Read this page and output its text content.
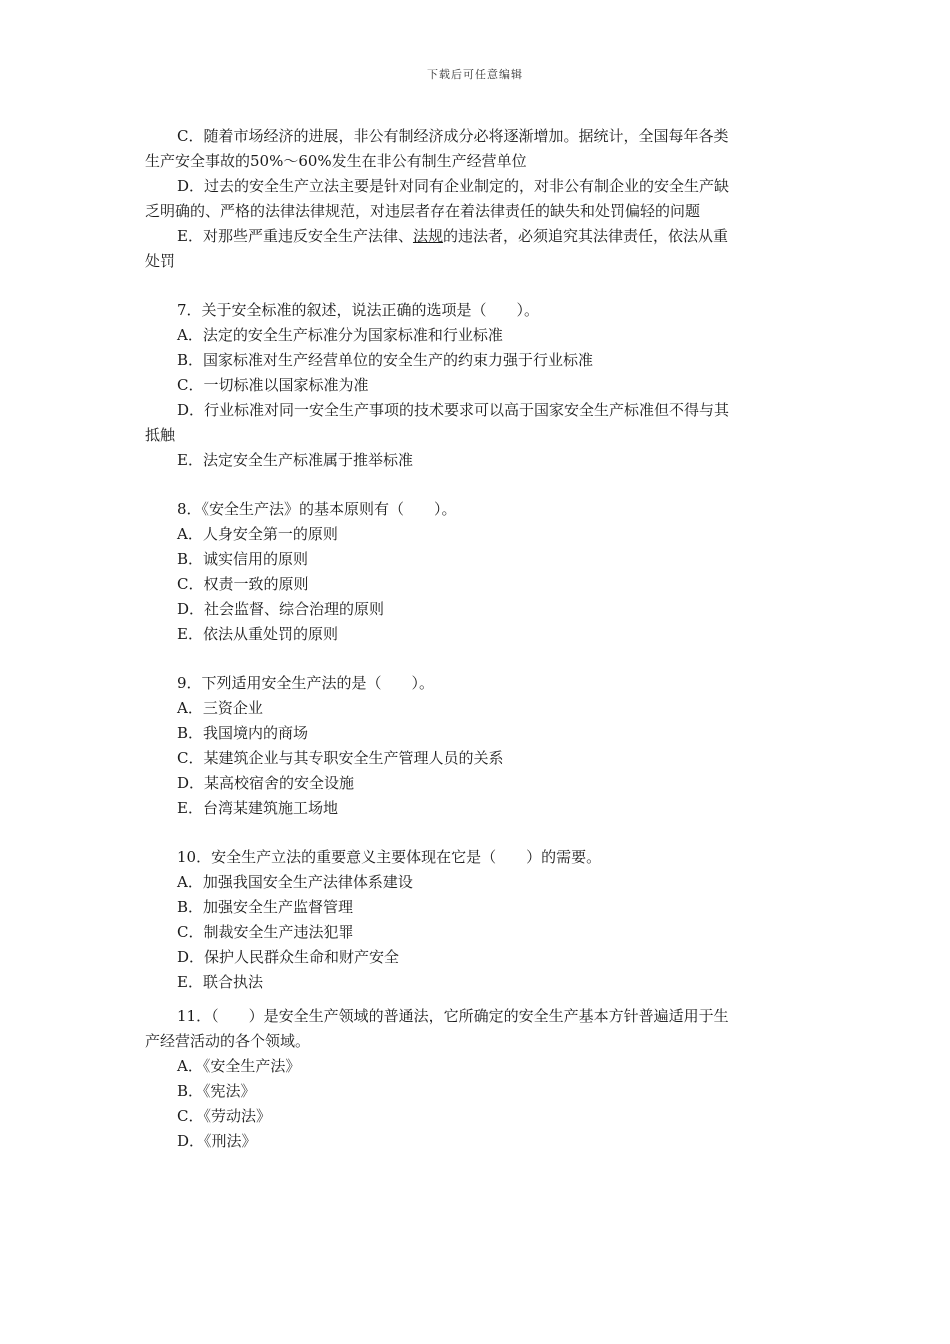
下载后可任意编辑
C．随着市场经济的进展，非公有制经济成分必将逐渐增加。据统计，全国每年各类
生产安全事故的50%～60%发生在非公有制生产经营单位
D．过去的安全生产立法主要是针对同有企业制定的，对非公有制企业的安全生产缺
乏明确的、严格的法律法律规范，对违层者存在着法律责任的缺失和处罚偏轻的问题
E．对那些严重违反安全生产法律、法规的违法者，必须追究其法律责任，依法从重
处罚
7．关于安全标准的叙述，说法正确的选项是（　　）。
A．法定的安全生产标准分为国家标准和行业标准
B．国家标准对生产经营单位的安全生产的约束力强于行业标准
C．一切标准以国家标准为准
D．行业标准对同一安全生产事项的技术要求可以高于国家安全生产标准但不得与其
抵触
E．法定安全生产标准属于推举标准
8．《安全生产法》的基本原则有（　　）。
A．人身安全第一的原则
B．诚实信用的原则
C．权责一致的原则
D．社会监督、综合治理的原则
E．依法从重处罚的原则
9．下列适用安全生产法的是（　　）。
A．三资企业
B．我国境内的商场
C．某建筑企业与其专职安全生产管理人员的关系
D．某高校宿舍的安全设施
E．台湾某建筑施工场地
10．安全生产立法的重要意义主要体现在它是（　　）的需要。
A．加强我国安全生产法律体系建设
B．加强安全生产监督管理
C．制裁安全生产违法犯罪
D．保护人民群众生命和财产安全
E．联合执法
11．（　　）是安全生产领域的普通法，它所确定的安全生产基本方针普遍适用于生
产经营活动的各个领域。
A．《安全生产法》
B．《宪法》
C．《劳动法》
D．《刑法》
